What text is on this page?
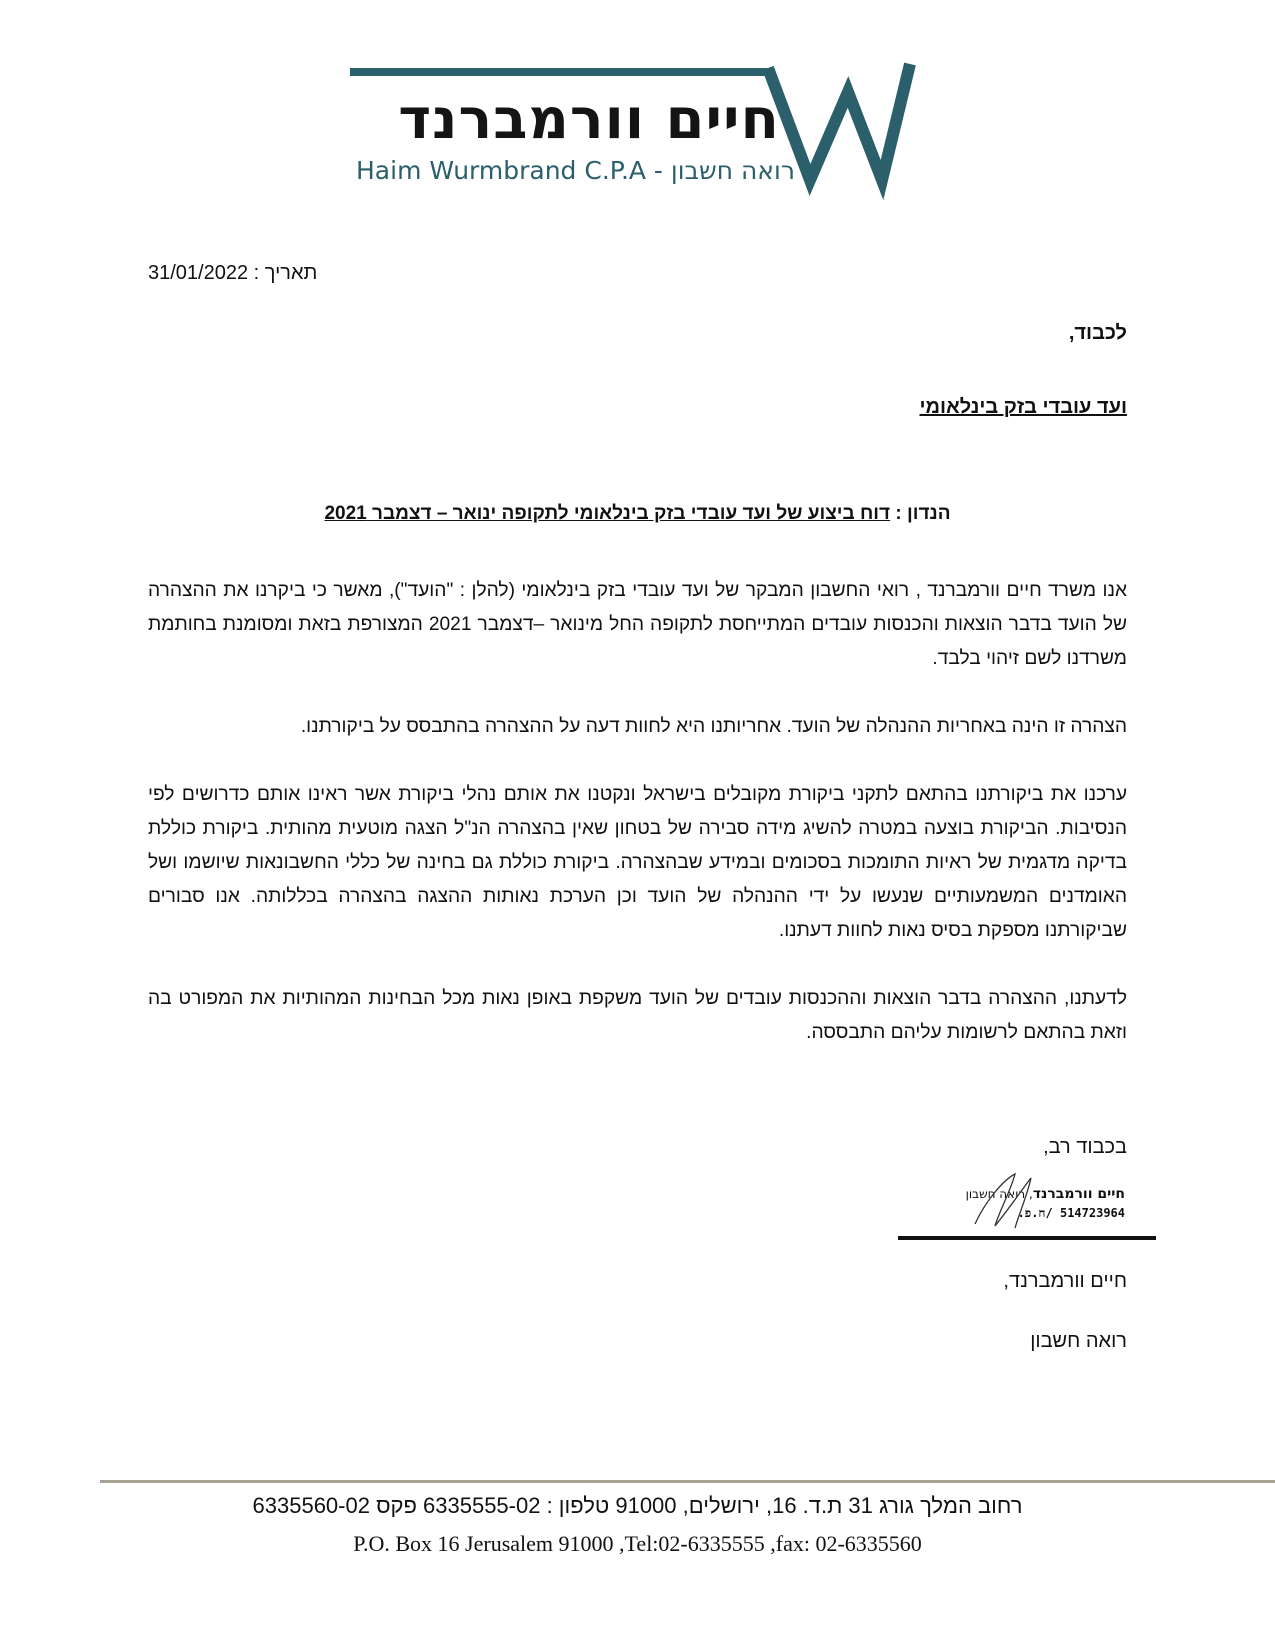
חיים וורמברנד
Haim Wurmbrand C.P.A - רואה חשבון
תאריך : 31/01/2022
לכבוד,
ועד עובדי בזק בינלאומי
הנדון : דוח ביצוע של ועד עובדי בזק בינלאומי לתקופה ינואר – דצמבר 2021

אנו משרד חיים וורמברנד , רואי החשבון המבקר של ועד עובדי בזק בינלאומי (להלן : "הועד"), מאשר כי ביקרנו את ההצהרה של הועד בדבר הוצאות והכנסות עובדים המתייחסת לתקופה החל מינואר –דצמבר 2021 המצורפת בזאת ומסומנת בחותמת משרדנו לשם זיהוי בלבד.

הצהרה זו הינה באחריות ההנהלה של הועד. אחריותנו היא לחוות דעה על ההצהרה בהתבסס על ביקורתנו.

ערכנו את ביקורתנו בהתאם לתקני ביקורת מקובלים בישראל ונקטנו את אותם נהלי ביקורת אשר ראינו אותם כדרושים לפי הנסיבות. הביקורת בוצעה במטרה להשיג מידה סבירה של בטחון שאין בהצהרה הנ"ל הצגה מוטעית מהותית. ביקורת כוללת בדיקה מדגמית של ראיות התומכות בסכומים ובמידע שבהצהרה. ביקורת כוללת גם בחינה של כללי החשבונאות שיושמו ושל האומדנים המשמעותיים שנעשו על ידי ההנהלה של הועד וכן הערכת נאותות ההצגה בהצהרה בכללותה. אנו סבורים שביקורתנו מספקת בסיס נאות לחוות דעתנו.

לדעתנו, ההצהרה בדבר הוצאות וההכנסות עובדים של הועד משקפת באופן נאות מכל הבחינות המהותיות את המפורט בה וזאת בהתאם לרשומות עליהם התבססה.

בכבוד רב,
חיים וורמברנד, רואה חשבון
514723964 /ח.פ.
חיים וורמברנד,
רואה חשבון
רחוב המלך גורג 31 ת.ד. 16, ירושלים, 91000 טלפון : 6335555-02 פקס 6335560-02
P.O. Box 16 Jerusalem 91000 ,Tel:02-6335555 ,fax: 02-6335560
